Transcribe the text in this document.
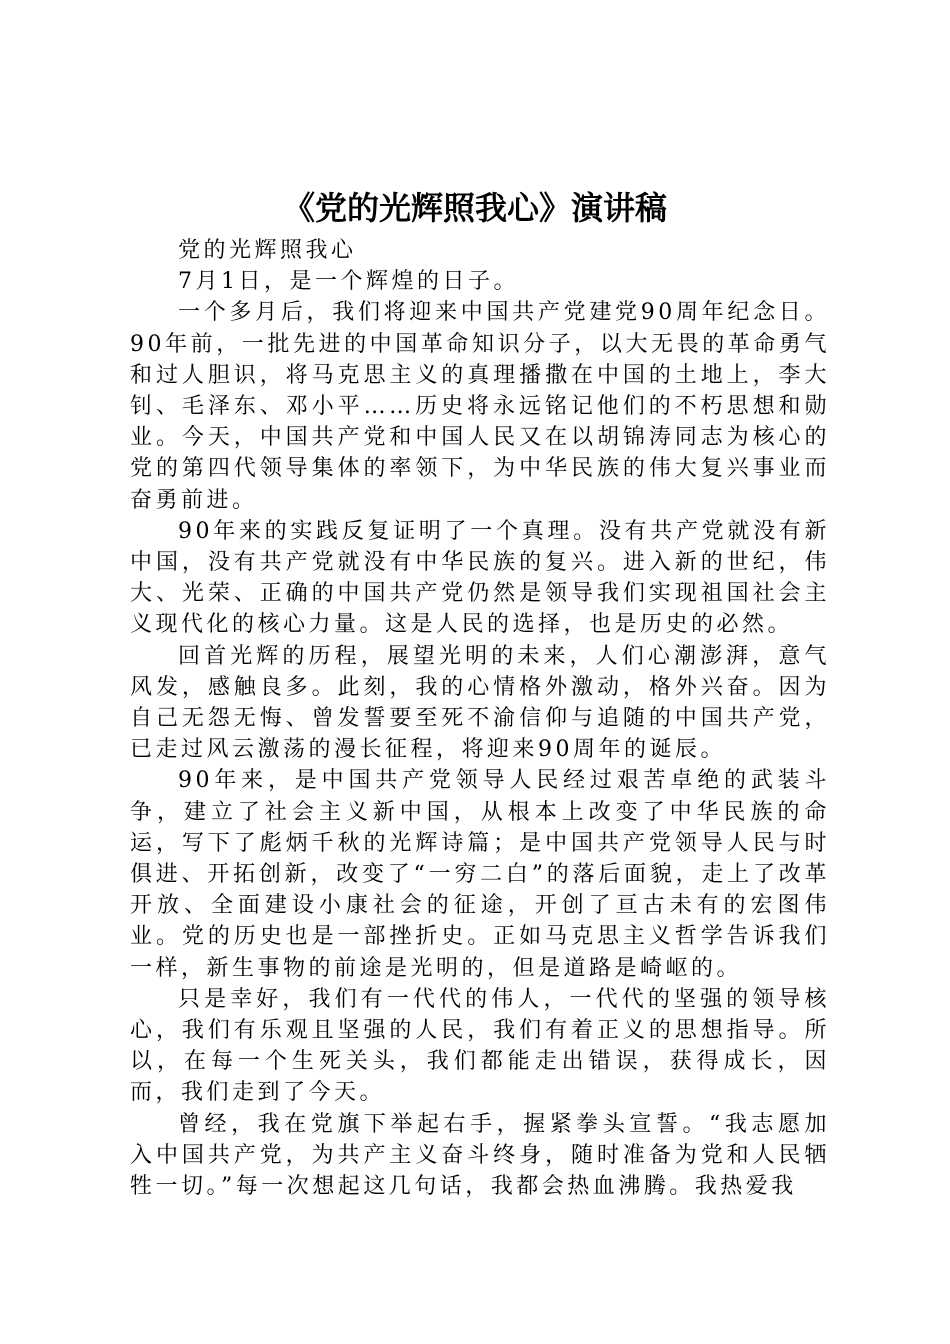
《党的光辉照我心》演讲稿

党的光辉照我心

7月1日，是一个辉煌的日子。

一个多月后，我们将迎来中国共产党建党90周年纪念日。90年前，一批先进的中国革命知识分子，以大无畏的革命勇气和过人胆识，将马克思主义的真理播撒在中国的土地上，李大钊、毛泽东、邓小平……历史将永远铭记他们的不朽思想和勋业。今天，中国共产党和中国人民又在以胡锦涛同志为核心的党的第四代领导集体的率领下，为中华民族的伟大复兴事业而奋勇前进。

90年来的实践反复证明了一个真理。没有共产党就没有新中国，没有共产党就没有中华民族的复兴。进入新的世纪，伟大、光荣、正确的中国共产党仍然是领导我们实现祖国社会主义现代化的核心力量。这是人民的选择，也是历史的必然。

回首光辉的历程，展望光明的未来，人们心潮澎湃，意气风发，感触良多。此刻，我的心情格外激动，格外兴奋。因为自己无怨无悔、曾发誓要至死不渝信仰与追随的中国共产党，已走过风云激荡的漫长征程，将迎来90周年的诞辰。

90年来，是中国共产党领导人民经过艰苦卓绝的武装斗争，建立了社会主义新中国，从根本上改变了中华民族的命运，写下了彪炳千秋的光辉诗篇；是中国共产党领导人民与时俱进、开拓创新，改变了“一穷二白”的落后面貌，走上了改革开放、全面建设小康社会的征途，开创了亘古未有的宏图伟业。党的历史也是一部挫折史。正如马克思主义哲学告诉我们一样，新生事物的前途是光明的，但是道路是崎岖的。

只是幸好，我们有一代代的伟人，一代代的坚强的领导核心，我们有乐观且坚强的人民，我们有着正义的思想指导。所以，在每一个生死关头，我们都能走出错误，获得成长，因而，我们走到了今天。

曾经，我在党旗下举起右手，握紧拳头宣誓。“我志愿加入中国共产党，为共产主义奋斗终身，随时准备为党和人民牺牲一切。”每一次想起这几句话，我都会热血沸腾。我热爱我
